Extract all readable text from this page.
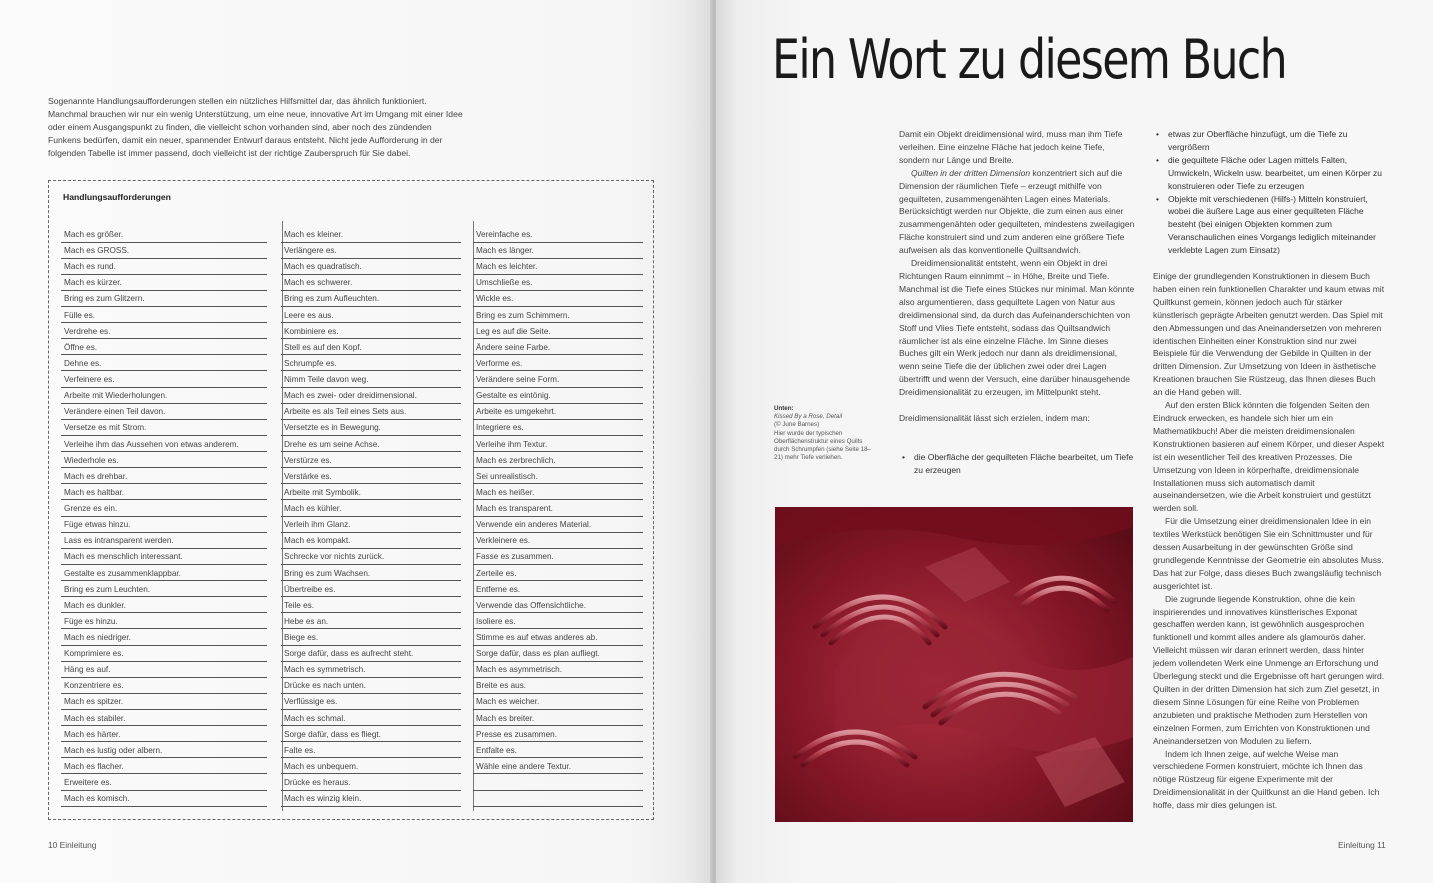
Sogenannte Handlungsaufforderungen stellen ein nützliches Hilfsmittel dar, das ähnlich funktioniert. Manchmal brauchen wir nur ein wenig Unterstützung, um eine neue, innovative Art im Umgang mit einer Idee oder einem Ausgangspunkt zu finden, die vielleicht schon vorhanden sind, aber noch des zündenden Funkens bedürfen, damit ein neuer, spannender Entwurf daraus entsteht. Nicht jede Aufforderung in der folgenden Tabelle ist immer passend, doch vielleicht ist der richtige Zauberspruch für Sie dabei.

Handlungsaufforderungen
Mach es größer.	Mach es kleiner.	Vereinfache es.
Mach es GROSS.	Verlängere es.	Mach es länger.
Mach es rund.	Mach es quadratisch.	Mach es leichter.
Mach es kürzer.	Mach es schwerer.	Umschließe es.
Bring es zum Glitzern.	Bring es zum Aufleuchten.	Wickle es.
Fülle es.	Leere es aus.	Bring es zum Schimmern.
Verdrehe es.	Kombiniere es.	Leg es auf die Seite.
Öffne es.	Stell es auf den Kopf.	Ändere seine Farbe.
Dehne es.	Schrumpfe es.	Verforme es.
Verfeinere es.	Nimm Teile davon weg.	Verändere seine Form.
Arbeite mit Wiederholungen.	Mach es zwei- oder dreidimensional.	Gestalte es eintönig.
Verändere einen Teil davon.	Arbeite es als Teil eines Sets aus.	Arbeite es umgekehrt.
Versetze es mit Strom.	Versetzte es in Bewegung.	Integriere es.
Verleihe ihm das Aussehen von etwas anderem.	Drehe es um seine Achse.	Verleihe ihm Textur.
Wiederhole es.	Verstürze es.	Mach es zerbrechlich.
Mach es drehbar.	Verstärke es.	Sei unrealistisch.
Mach es haltbar.	Arbeite mit Symbolik.	Mach es heißer.
Grenze es ein.	Mach es kühler.	Mach es transparent.
Füge etwas hinzu.	Verleih ihm Glanz.	Verwende ein anderes Material.
Lass es intransparent werden.	Mach es kompakt.	Verkleinere es.
Mach es menschlich interessant.	Schrecke vor nichts zurück.	Fasse es zusammen.
Gestalte es zusammenklappbar.	Bring es zum Wachsen.	Zerteile es.
Bring es zum Leuchten.	Übertreibe es.	Entferne es.
Mach es dunkler.	Teile es.	Verwende das Offensichtliche.
Füge es hinzu.	Hebe es an.	Isoliere es.
Mach es niedriger.	Biege es.	Stimme es auf etwas anderes ab.
Komprimiere es.	Sorge dafür, dass es aufrecht steht.	Sorge dafür, dass es plan aufliegt.
Häng es auf.	Mach es symmetrisch.	Mach es asymmetrisch.
Konzentriere es.	Drücke es nach unten.	Breite es aus.
Mach es spitzer.	Verflüssige es.	Mach es weicher.
Mach es stabiler.	Mach es schmal.	Mach es breiter.
Mach es härter.	Sorge dafür, dass es fliegt.	Presse es zusammen.
Mach es lustig oder albern.	Falte es.	Entfalte es.
Mach es flacher.	Mach es unbequem.	Wähle eine andere Textur.
Erweitere es.	Drücke es heraus.
Mach es komisch.	Mach es winzig klein.
10 Einleitung
Ein Wort zu diesem Buch

Damit ein Objekt dreidimensional wird, muss man ihm Tiefe verleihen. Eine einzelne Fläche hat jedoch keine Tiefe, sondern nur Länge und Breite.

Quilten in der dritten Dimension konzentriert sich auf die Dimension der räumlichen Tiefe – erzeugt mithilfe von gequilteten, zusammengenähten Lagen eines Materials. Berücksichtigt werden nur Objekte, die zum einen aus einer zusammengenähten oder gequilteten, mindestens zweilagigen Fläche konstruiert sind und zum anderen eine größere Tiefe aufweisen als das konventionelle Quiltsandwich.

Dreidimensionalität entsteht, wenn ein Objekt in drei Richtungen Raum einnimmt – in Höhe, Breite und Tiefe. Manchmal ist die Tiefe eines Stückes nur minimal. Man könnte also argumentieren, dass gequiltete Lagen von Natur aus dreidimensional sind, da durch das Aufeinanderschichten von Stoff und Vlies Tiefe entsteht, sodass das Quiltsandwich räumlicher ist als eine einzelne Fläche. Im Sinne dieses Buches gilt ein Werk jedoch nur dann als dreidimensional, wenn seine Tiefe die der üblichen zwei oder drei Lagen übertrifft und wenn der Versuch, eine darüber hinausgehende Dreidimensionalität zu erzeugen, im Mittelpunkt steht.

Dreidimensionalität lässt sich erzielen, indem man:

• die Oberfläche der gequilteten Fläche bearbeitet, um Tiefe zu erzeugen
• etwas zur Oberfläche hinzufügt, um die Tiefe zu vergrößern
• die gequiltete Fläche oder Lagen mittels Falten, Umwickeln, Wickeln usw. bearbeitet, um einen Körper zu konstruieren oder Tiefe zu erzeugen
• Objekte mit verschiedenen (Hilfs-) Mitteln konstruiert, wobei die äußere Lage aus einer gequilteten Fläche besteht (bei einigen Objekten kommen zum Veranschaulichen eines Vorgangs lediglich miteinander verklebte Lagen zum Einsatz)

Einige der grundlegenden Konstruktionen in diesem Buch haben einen rein funktionellen Charakter und kaum etwas mit Quiltkunst gemein, können jedoch auch für stärker künstlerisch geprägte Arbeiten genutzt werden. Das Spiel mit den Abmessungen und das Aneinandersetzen von mehreren identischen Einheiten einer Konstruktion sind nur zwei Beispiele für die Verwendung der Gebilde in Quilten in der dritten Dimension. Zur Umsetzung von Ideen in ästhetische Kreationen brauchen Sie Rüstzeug, das Ihnen dieses Buch an die Hand geben will.

Auf den ersten Blick könnten die folgenden Seiten den Eindruck erwecken, es handele sich hier um ein Mathematikbuch! Aber die meisten dreidimensionalen Konstruktionen basieren auf einem Körper, und dieser Aspekt ist ein wesentlicher Teil des kreativen Prozesses. Die Umsetzung von Ideen in körperhafte, dreidimensionale Installationen muss sich automatisch damit auseinandersetzen, wie die Arbeit konstruiert und gestützt werden soll.

Für die Umsetzung einer dreidimensionalen Idee in ein textiles Werkstück benötigen Sie ein Schnittmuster und für dessen Ausarbeitung in der gewünschten Größe sind grundlegende Kenntnisse der Geometrie ein absolutes Muss. Das hat zur Folge, dass dieses Buch zwangsläufig technisch ausgerichtet ist.

Die zugrunde liegende Konstruktion, ohne die kein inspirierendes und innovatives künstlerisches Exponat geschaffen werden kann, ist gewöhnlich ausgesprochen funktionell und kommt alles andere als glamourös daher. Vielleicht müssen wir daran erinnert werden, dass hinter jedem vollendeten Werk eine Unmenge an Erforschung und Überlegung steckt und die Ergebnisse oft hart gerungen wird. Quilten in der dritten Dimension hat sich zum Ziel gesetzt, in diesem Sinne Lösungen für eine Reihe von Problemen anzubieten und praktische Methoden zum Herstellen von einzelnen Formen, zum Errichten von Konstruktionen und Aneinandersetzen von Modulen zu liefern.

Indem ich Ihnen zeige, auf welche Weise man verschiedene Formen konstruiert, möchte ich Ihnen das nötige Rüstzeug für eigene Experimente mit der Dreidimensionalität in der Quiltkunst an die Hand geben. Ich hoffe, dass mir dies gelungen ist.

Unten:
Kissed By a Rose, Detail
(© June Barnes)
Hier wurde der typischen Oberflächenstruktur eines Quilts durch Schrumpfen (siehe Seite 18–21) mehr Tiefe verliehen.
Einleitung 11
